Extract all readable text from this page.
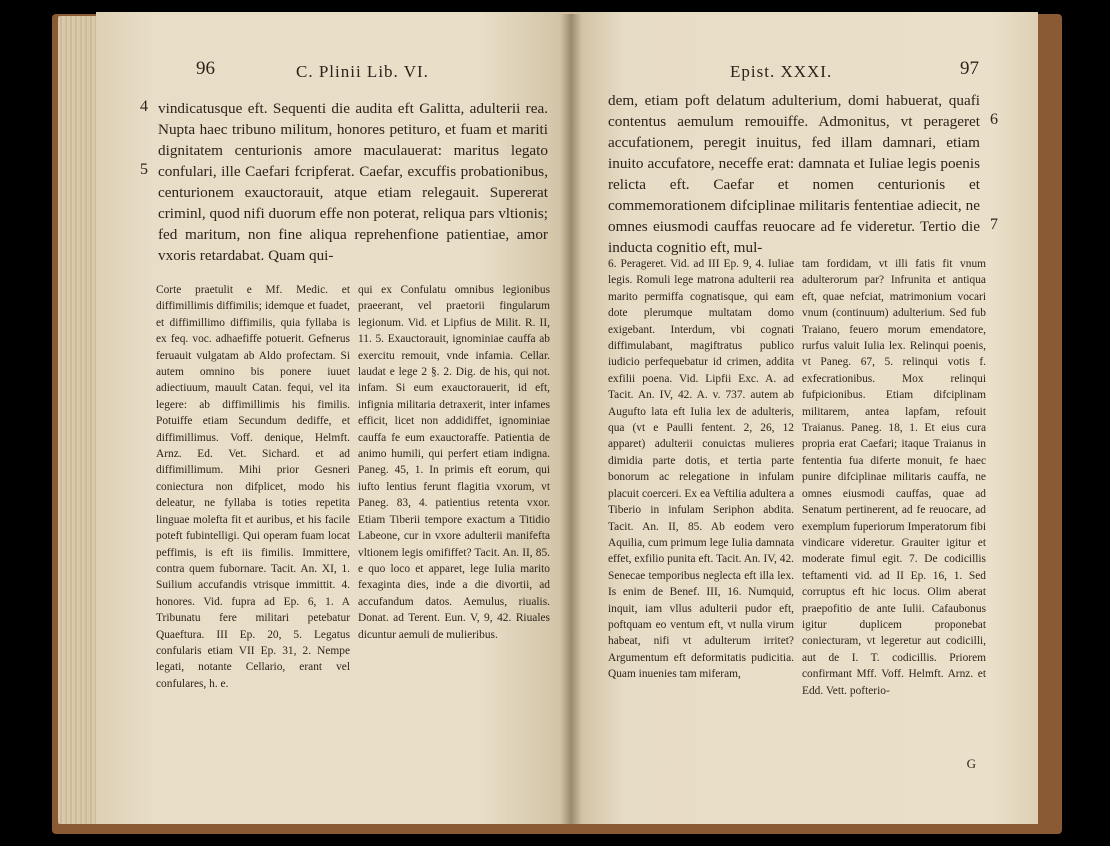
96	C. Plinii Lib. VI.
4
5

vindicatusque eft. Sequenti die audita eft Galitta, adulterii rea. Nupta haec tribuno militum, honores petituro, et fuam et mariti dignitatem centurionis amore maculauerat: maritus legato confulari, ille Caefari fcripferat. Caefar, excuffis probationibus, centurionem exauctorauit, atque etiam relegauit. Supererat criminl, quod nifi duorum effe non poterat, reliqua pars vltionis; fed maritum, non fine aliqua reprehenfione patientiae, amor vxoris retardabat. Quam qui-

Corte praetulit e Mf. Medic. et diffimillimis diffimilis; idemque et fuadet, et diffimillimo diffimilis, quia fyllaba is ex feq. voc. adhaefiffe potuerit. Gefnerus feruauit vulgatam ab Aldo profectam. Si autem omnino bis ponere iuuet adiectiuum, mauult Catan. fequi, vel ita legere: ab diffimillimis his fimilis. Potuiffe etiam Secundum dediffe, et diffimillimus. Voff. denique, Helmft. Arnz. Ed. Vet. Sichard. et ad diffimillimum. Mihi prior Gesneri coniectura non difplicet, modo his deleatur, ne fyllaba is toties repetita linguae molefta fit et auribus, et his facile poteft fubintelligi. Qui operam fuam locat peffimis, is eft iis fimilis. Immittere, contra quem fubornare. Tacit. An. XI, 1. Suilium accufandis vtrisque immittit. 4. honores. Vid. fupra ad Ep. 6, 1. A Tribunatu fere militari petebatur Quaeftura. III Ep. 20, 5. Legatus confularis etiam VII Ep. 31, 2. Nempe legati, notante Cellario, erant vel confulares, h. e.

qui ex Confulatu omnibus legionibus praeerant, vel praetorii fingularum legionum. Vid. et Lipfius de Milit. R. II, 11. 5. Exauctorauit, ignominiae cauffa ab exercitu remouit, vnde infamia. Cellar. laudat e lege 2 §. 2. Dig. de his, qui not. infam. Si eum exauctorauerit, id eft, infignia militaria detraxerit, inter infames efficit, licet non addidiffet, ignominiae cauffa fe eum exauctoraffe. Patientia de animo humili, qui perfert etiam indigna. Paneg. 45, 1. In primis eft eorum, qui iufto lentius ferunt flagitia vxorum, vt Paneg. 83, 4. patientius retenta vxor. Etiam Tiberii temporе exactum a Titidio Labeone, cur in vxore adulterii manifefta vltionem legis omififfet? Tacit. An. II, 85. e quo loco et apparet, lege Iulia marito fexaginta dies, inde a die divortii, ad accufandum datos. Aemulus, riualis. Donat. ad Terent. Eun. V, 9, 42. Riuales dicuntur aemuli de mulieribus.

Epist. XXXI.	97
6
7

dem, etiam poft delatum adulterium, domi habuerat, quafi contentus aemulum remouiffe. Admonitus, vt perageret accufationem, peregit inuitus, fed illam damnari, etiam inuito accufatore, neceffe erat: damnata et Iuliae legis poenis relicta eft. Caefar et nomen centurionis et commemorationem difciplinae militaris fententiae adiecit, ne omnes eiusmodi cauffas reuocare ad fe videretur. Tertio die inducta cognitio eft, mul-

6. Perageret. Vid. ad III Ep. 9, 4. Iuliae legis. Romuli lege matrona adulterii rea marito permiffa cognatisque, qui eam dote plerumque multatam domo exigebant. Interdum, vbi cognati diffimulabant, magiftratus publico iudicio perfequebatur id crimen, addita exfilii poena. Vid. Lipfii Exc. A. ad Tacit. An. IV, 42. A. v. 737. autem ab Augufto lata eft Iulia lex de adulteris, qua (vt e Paulli fentent. 2, 26, 12 apparet) adulterii conuictas mulieres dimidia parte dotis, et tertia parte bonorum ac relegatione in infulam placuit coerceri. Ex ea Veftilia adultera a Tiberio in infulam Seriphon abdita. Tacit. An. II, 85. Ab eodem vero Aquilia, cum primum lege Iulia damnata effet, exfilio punita eft. Tacit. An. IV, 42. Senecae temporibus neglecta eft illa lex. Is enim de Benef. III, 16. Numquid, inquit, iam vllus adulterii pudor eft, poftquam eo ventum eft, vt nulla virum habeat, nifi vt adulterum irritet? Argumentum eft deformitatis pudicitia. Quam inuenies tam miferam,

tam fordidam, vt illi fatis fit vnum adulterorum par? Infrunita et antiqua eft, quae nefciat, matrimonium vocari vnum (continuum) adulterium. Sed fub Traiano, feuero morum emendatore, rurfus valuit Iulia lex. Relinqui poenis, vt Paneg. 67, 5. relinqui votis f. exfecrationibus. Mox relinqui fufpicionibus. Etiam difciplinam militarem, antea lapfam, refouit Traianus. Paneg. 18, 1. Et eius cura propria erat Caefari; itaque Traianus in fententia fua diferte monuit, fe haec punire difciplinae militaris cauffa, ne omnes eiusmodi cauffas, quae ad Senatum pertinerent, ad fe reuocare, ad exemplum fuperiorum Imperatorum fibi vindicare videretur. Grauiter igitur et moderate fimul egit. 7. De codicillis teftamenti vid. ad II Ep. 16, 1. Sed corruptus eft hic locus. Olim aberat praepofitio de ante Iulii. Cafaubonus igitur duplicem proponebat coniecturam, vt legeretur aut codicilli, aut de I. T. codicillis. Priorem confirmant Mff. Voff. Helmft. Arnz. et Edd. Vett. pofterio-

G
